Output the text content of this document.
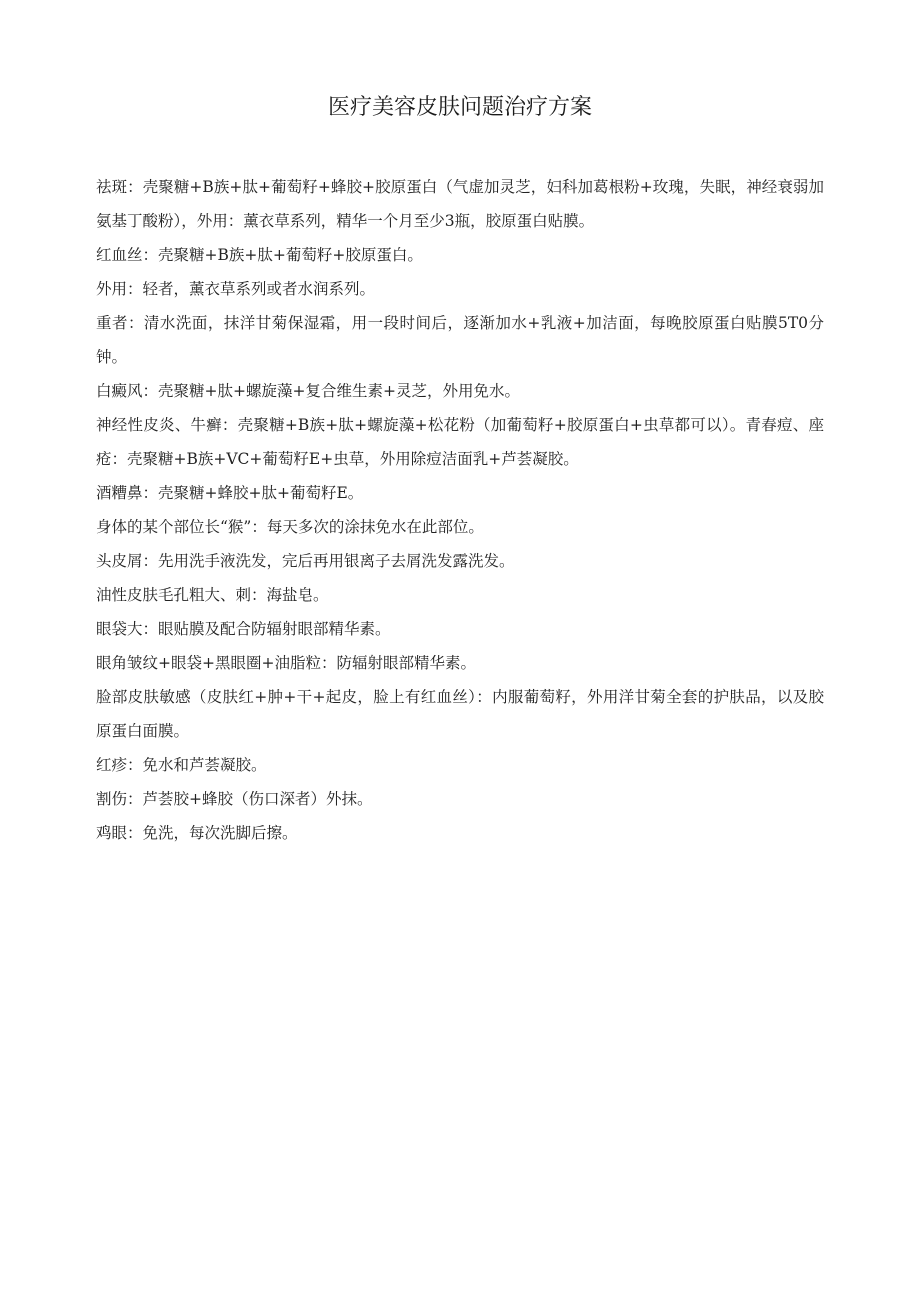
医疗美容皮肤问题治疗方案

祛斑：壳聚糖+B族+肽+葡萄籽+蜂胶+胶原蛋白（气虚加灵芝，妇科加葛根粉+玫瑰，失眠，神经衰弱加氨基丁酸粉），外用：薰衣草系列，精华一个月至少3瓶，胶原蛋白贴膜。

红血丝：壳聚糖+B族+肽+葡萄籽+胶原蛋白。

外用：轻者，薰衣草系列或者水润系列。

重者：清水洗面，抹洋甘菊保湿霜，用一段时间后，逐渐加水+乳液+加洁面，每晚胶原蛋白贴膜5T0分钟。

白癜风：壳聚糖+肽+螺旋藻+复合维生素+灵芝，外用免水。

神经性皮炎、牛癣：壳聚糖+B族+肽+螺旋藻+松花粉（加葡萄籽+胶原蛋白+虫草都可以）。青春痘、座疮：壳聚糖+B族+VC+葡萄籽E+虫草，外用除痘洁面乳+芦荟凝胶。

酒糟鼻：壳聚糖+蜂胶+肽+葡萄籽E。

身体的某个部位长“猴”：每天多次的涂抹免水在此部位。

头皮屑：先用洗手液洗发，完后再用银离子去屑洗发露洗发。

油性皮肤毛孔粗大、刺：海盐皂。

眼袋大：眼贴膜及配合防辐射眼部精华素。

眼角皱纹+眼袋+黑眼圈+油脂粒：防辐射眼部精华素。

脸部皮肤敏感（皮肤红+肿+干+起皮，脸上有红血丝）：内服葡萄籽，外用洋甘菊全套的护肤品，以及胶原蛋白面膜。

红疹：免水和芦荟凝胶。

割伤：芦荟胶+蜂胶（伤口深者）外抹。

鸡眼：免洗，每次洗脚后擦。
